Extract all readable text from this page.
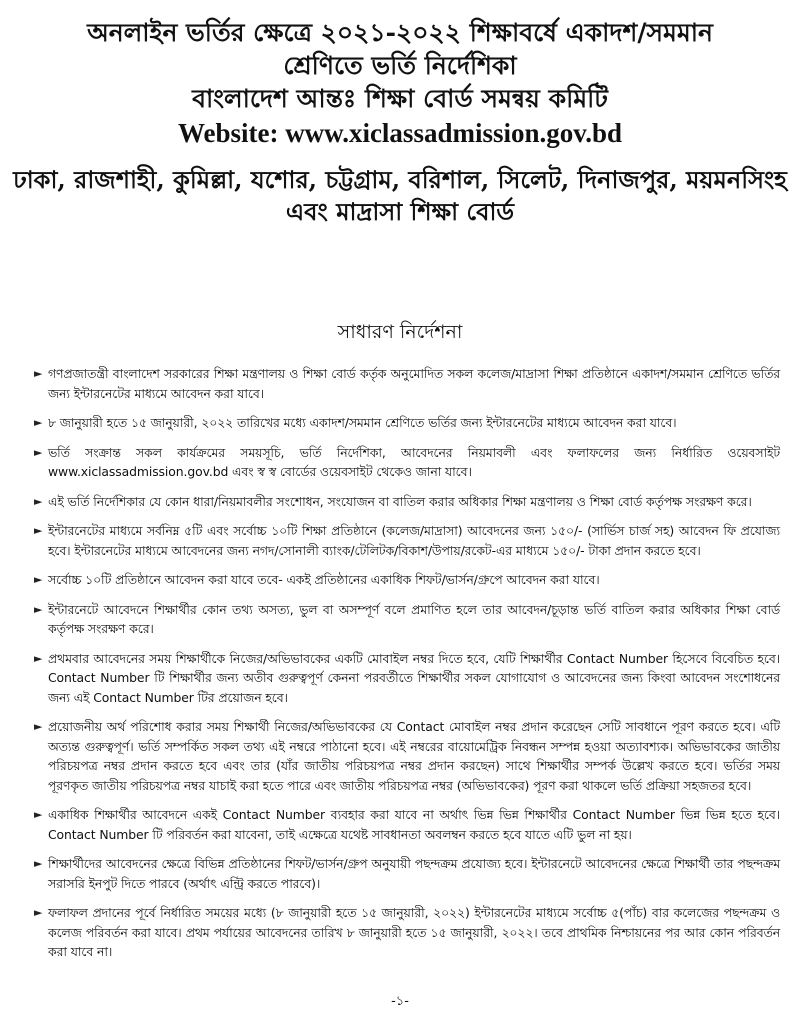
অনলাইন ভর্তির ক্ষেত্রে ২০২১-২০২২ শিক্ষাবর্ষে একাদশ/সমমান

শ্রেণিতে ভর্তি নির্দেশিকা

বাংলাদেশ আন্তঃ শিক্ষা বোর্ড সমন্বয় কমিটি

Website: www.xiclassadmission.gov.bd

ঢাকা, রাজশাহী, কুমিল্লা, যশোর, চট্টগ্রাম, বরিশাল, সিলেট, দিনাজপুর, ময়মনসিংহ

এবং মাদ্রাসা শিক্ষা বোর্ড

সাধারণ নির্দেশনা
► গণপ্রজাতন্ত্রী বাংলাদেশ সরকারের শিক্ষা মন্ত্রণালয় ও শিক্ষা বোর্ড কর্তৃক অনুমোদিত সকল কলেজ/মাদ্রাসা শিক্ষা প্রতিষ্ঠানে একাদশ/সমমান শ্রেণিতে ভর্তির জন্য ইন্টারনেটের মাধ্যমে আবেদন করা যাবে।
► ৮ জানুয়ারী হতে ১৫ জানুয়ারী, ২০২২ তারিখের মধ্যে একাদশ/সমমান শ্রেণিতে ভর্তির জন্য ইন্টারনেটের মাধ্যমে আবেদন করা যাবে।
► ভর্তি সংক্রান্ত সকল কার্যক্রমের সময়সূচি, ভর্তি নির্দেশিকা, আবেদনের নিয়মাবলী এবং ফলাফলের জন্য নির্ধারিত ওয়েবসাইট www.xiclassadmission.gov.bd এবং স্ব স্ব বোর্ডের ওয়েবসাইট থেকেও জানা যাবে।
► এই ভর্তি নির্দেশিকার যে কোন ধারা/নিয়মাবলীর সংশোধন, সংযোজন বা বাতিল করার অধিকার শিক্ষা মন্ত্রণালয় ও শিক্ষা বোর্ড কর্তৃপক্ষ সংরক্ষণ করে।
► ইন্টারনেটের মাধ্যমে সর্বনিম্ন ৫টি এবং সর্বোচ্চ ১০টি শিক্ষা প্রতিষ্ঠানে (কলেজ/মাদ্রাসা) আবেদনের জন্য ১৫০/- (সার্ভিস চার্জ সহ) আবেদন ফি প্রযোজ্য হবে। ইন্টারনেটের মাধ্যমে আবেদনের জন্য নগদ/সোনালী ব্যাংক/টেলিটক/বিকাশ/উপায়/রকেট-এর মাধ্যমে ১৫০/- টাকা প্রদান করতে হবে।
► সর্বোচ্চ ১০টি প্রতিষ্ঠানে আবেদন করা যাবে তবে- একই প্রতিষ্ঠানের একাধিক শিফট/ভার্সন/গ্রুপে আবেদন করা যাবে।
► ইন্টারনেটে আবেদনে শিক্ষার্থীর কোন তথ্য অসত্য, ভুল বা অসম্পূর্ণ বলে প্রমাণিত হলে তার আবেদন/চূড়ান্ত ভর্তি বাতিল করার অধিকার শিক্ষা বোর্ড কর্তৃপক্ষ সংরক্ষণ করে।
► প্রথমবার আবেদনের সময় শিক্ষার্থীকে নিজের/অভিভাবকের একটি মোবাইল নম্বর দিতে হবে, যেটি শিক্ষার্থীর Contact Number হিসেবে বিবেচিত হবে। Contact Number টি শিক্ষার্থীর জন্য অতীব গুরুত্বপূর্ণ কেননা পরবর্তীতে শিক্ষার্থীর সকল যোগাযোগ ও আবেদনের জন্য কিংবা আবেদন সংশোধনের জন্য এই Contact Number টির প্রয়োজন হবে।
► প্রয়োজনীয় অর্থ পরিশোধ করার সময় শিক্ষার্থী নিজের/অভিভাবকের যে Contact মোবাইল নম্বর প্রদান করেছেন সেটি সাবধানে পূরণ করতে হবে। এটি অত্যন্ত গুরুত্বপূর্ণ। ভর্তি সম্পর্কিত সকল তথ্য এই নম্বরে পাঠানো হবে। এই নম্বরের বায়োমেট্রিক নিবন্ধন সম্পন্ন হওয়া অত্যাবশ্যক। অভিভাবকের জাতীয় পরিচয়পত্র নম্বর প্রদান করতে হবে এবং তার (যাঁর জাতীয় পরিচয়পত্র নম্বর প্রদান করছেন) সাথে শিক্ষার্থীর সম্পর্ক উল্লেখ করতে হবে। ভর্তির সময় পূরণকৃত জাতীয় পরিচয়পত্র নম্বর যাচাই করা হতে পারে এবং জাতীয় পরিচয়পত্র নম্বর (অভিভাবকের) পূরণ করা থাকলে ভর্তি প্রক্রিয়া সহজতর হবে।
► একাধিক শিক্ষার্থীর আবেদনে একই Contact Number ব্যবহার করা যাবে না অর্থাৎ ভিন্ন ভিন্ন শিক্ষার্থীর Contact Number ভিন্ন ভিন্ন হতে হবে। Contact Number টি পরিবর্তন করা যাবেনা, তাই এক্ষেত্রে যথেষ্ট সাবধানতা অবলম্বন করতে হবে যাতে এটি ভুল না হয়।
► শিক্ষার্থীদের আবেদনের ক্ষেত্রে বিভিন্ন প্রতিষ্ঠানের শিফট/ভার্সন/গ্রুপ অনুযায়ী পছন্দক্রম প্রযোজ্য হবে। ইন্টারনেটে আবেদনের ক্ষেত্রে শিক্ষার্থী তার পছন্দক্রম সরাসরি ইনপুট দিতে পারবে (অর্থাৎ এন্ট্রি করতে পারবে)।
► ফলাফল প্রদানের পূর্বে নির্ধারিত সময়ের মধ্যে (৮ জানুয়ারী হতে ১৫ জানুয়ারী, ২০২২) ইন্টারনেটের মাধ্যমে সর্বোচ্চ ৫(পাঁচ) বার কলেজের পছন্দক্রম ও কলেজ পরিবর্তন করা যাবে। প্রথম পর্যায়ের আবেদনের তারিখ ৮ জানুয়ারী হতে ১৫ জানুয়ারী, ২০২২। তবে প্রাথমিক নিশ্চায়নের পর আর কোন পরিবর্তন করা যাবে না।
-১-
